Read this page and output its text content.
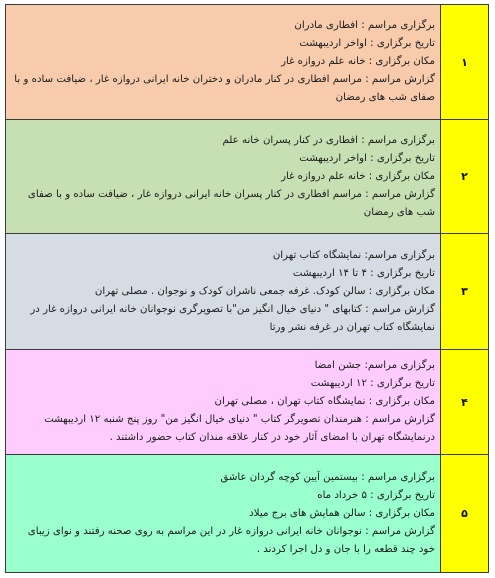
۱	برگزاری مراسم : افطاری مادران

تاریخ برگزاری : اواخر اردیبهشت

مکان برگزاری : خانه علم دروازه غار

گزارش مراسم : مراسم افطاری در کنار مادران و دختران خانه ایرانی دروازه غار ، ضیافت ساده و با صفای شب های رمضان

۲	برگزاری مراسم : افطاری در کنار پسران خانه علم

تاریخ برگزاری : اواخر اردیبهشت

مکان برگزاری : خانه علم دروازه غار

گزارش مراسم : مراسم افطاری در کنار پسران خانه ایرانی دروازه غار ، ضیافت ساده و با صفای شب های رمضان

۳	برگزاری مراسم: نمایشگاه کتاب تهران

تاریخ برگزاری : ۴ تا ۱۴ اردیبهشت

مکان برگزاری : سالن کودک. غرفه جمعی ناشران کودک و نوجوان . مصلی تهران

گزارش مراسم : کتابهای " دنیای خیال انگیز من"با تصویرگری نوجوانان خانه ایرانی دروازه غار در نمایشگاه کتاب تهران در غرفه نشر ورتا

۴	برگزاری مراسم: جشن امضا

تاریخ برگزاری : ۱۲ اردیبهشت

مکان برگزاری : نمایشگاه کتاب تهران ، مصلی تهران

گزارش مراسم : هنرمندان تصویرگر کتاب " دنیای خیال انگیز من" روز پنج شنبه ۱۲ اردیبهشت درنمایشگاه تهران با امضای آثار خود در کنار علاقه مندان کتاب حضور داشتند .

۵	برگزاری مراسم : بیستمین آیین کوچه گردان عاشق

تاریخ برگزاری : ۵ خرداد ماه

مکان برگزاری : سالن همایش های برج میلاد

گزارش مراسم : نوجوانان خانه ایرانی دروازه غار در این مراسم به روی صحنه رفتند و نوای زیبای خود چند قطعه را با جان و دل اجرا کردند .
